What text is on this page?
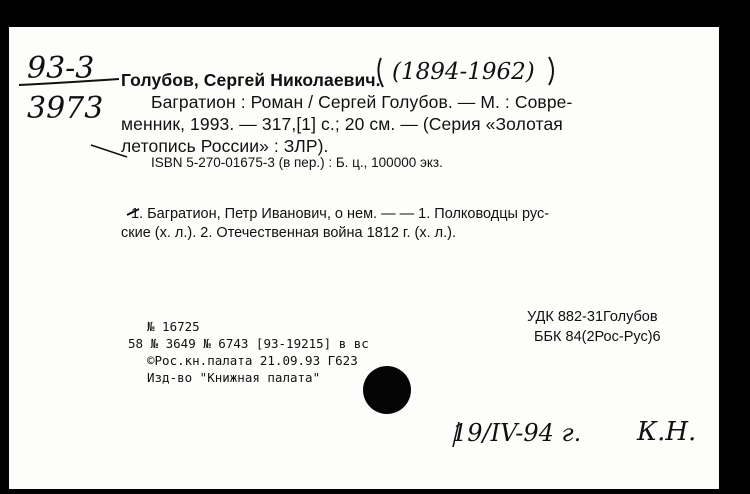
93-3
3973
(1894-1962)
Голубов, Сергей Николаевич.
Багратион : Роман / Сергей Голубов. — М. : Совре-
менник, 1993. — 317,[1] с.; 20 см. — (Серия «Золотая
летопись России» : ЗЛР).
ISBN 5-270-01675-3 (в пер.) : Б. ц., 100000 экз.
1. Багратион, Петр Иванович, о нем. — — 1. Полководцы рус-
ские (х. л.). 2. Отечественная война 1812 г. (х. л.).
УДК 882-31Голубов
ББК 84(2Рос-Рус)6
№ 16725
58 № 3649 № 6743 [93-19215] в вс
©Рос.кн.палата 21.09.93 Г623
Изд-во "Книжная палата"
19/IV-94 г. К.Н.
